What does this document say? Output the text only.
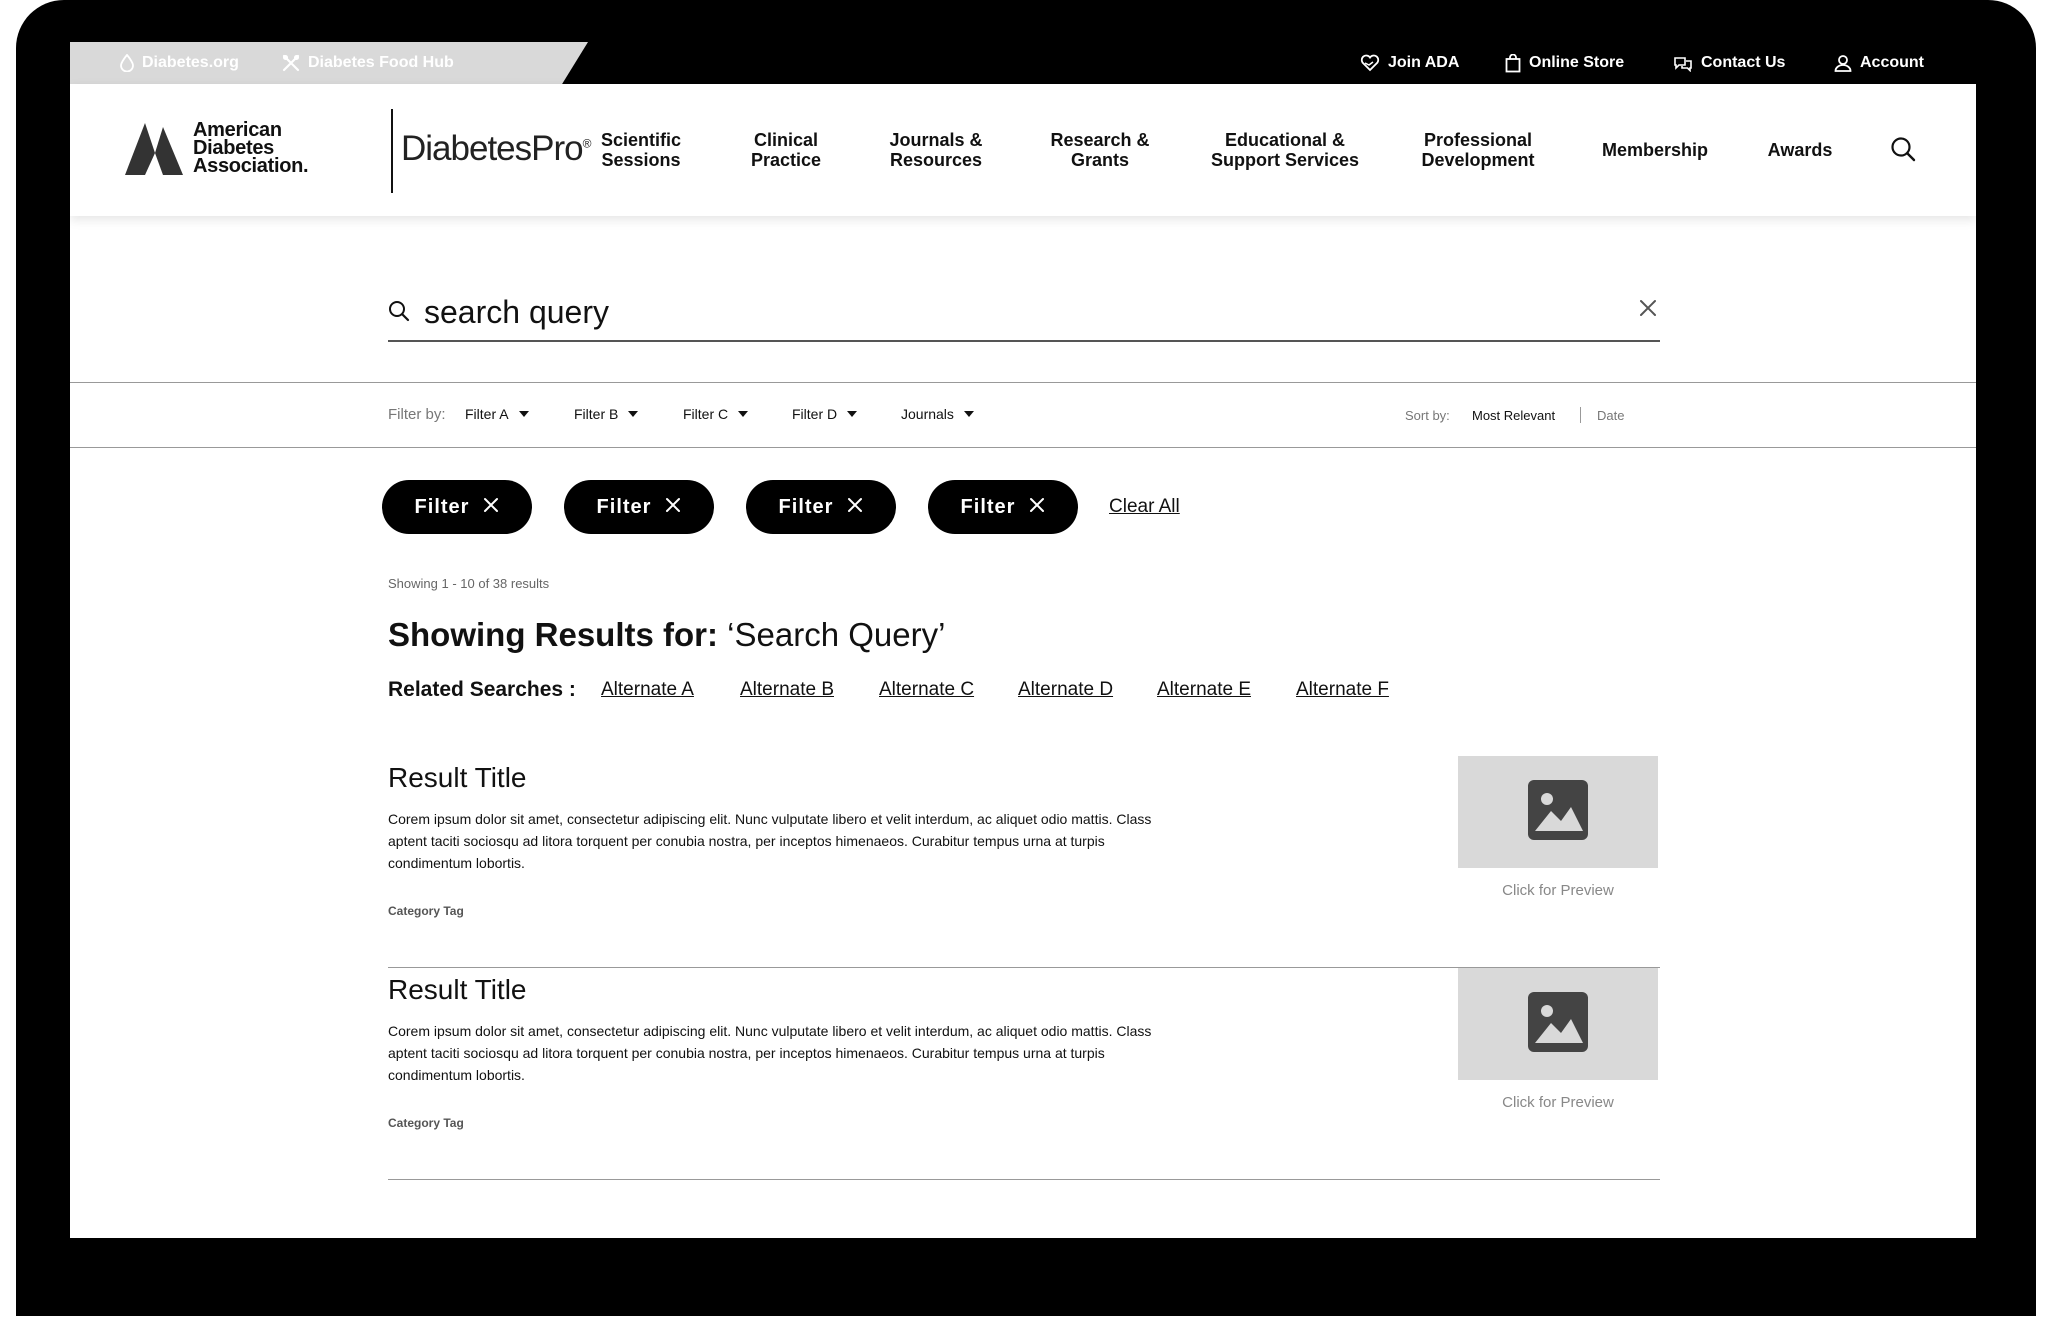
Diabetes.org	Diabetes Food Hub	Join ADA	Online Store	Contact Us	Account
American
Diabetes
Association.	DiabetesPro® Scientific
Sessions
Clinical
Practice
Journals &
Resources
Research &
Grants
Educational &
Support Services
Professional
Development	Membership	Awards
search query
Filter by: Filter A	Filter B	Filter C	Filter D	Journals	Sort by: Most Relevant	Date
Filter	Filter	Filter	Filter	Clear All
Showing 1 - 10 of 38 results
Showing Results for: ‘Search Query’
Related Searches : Alternate A Alternate B Alternate C Alternate D Alternate E Alternate F
Result Title
Corem ipsum dolor sit amet, consectetur adipiscing elit. Nunc vulputate libero et velit interdum, ac aliquet odio mattis. Class aptent taciti sociosqu ad litora torquent per conubia nostra, per inceptos himenaeos. Curabitur tempus urna at turpis condimentum lobortis.
Category Tag
Click for Preview
Result Title
Corem ipsum dolor sit amet, consectetur adipiscing elit. Nunc vulputate libero et velit interdum, ac aliquet odio mattis. Class aptent taciti sociosqu ad litora torquent per conubia nostra, per inceptos himenaeos. Curabitur tempus urna at turpis condimentum lobortis.
Category Tag
Click for Preview
